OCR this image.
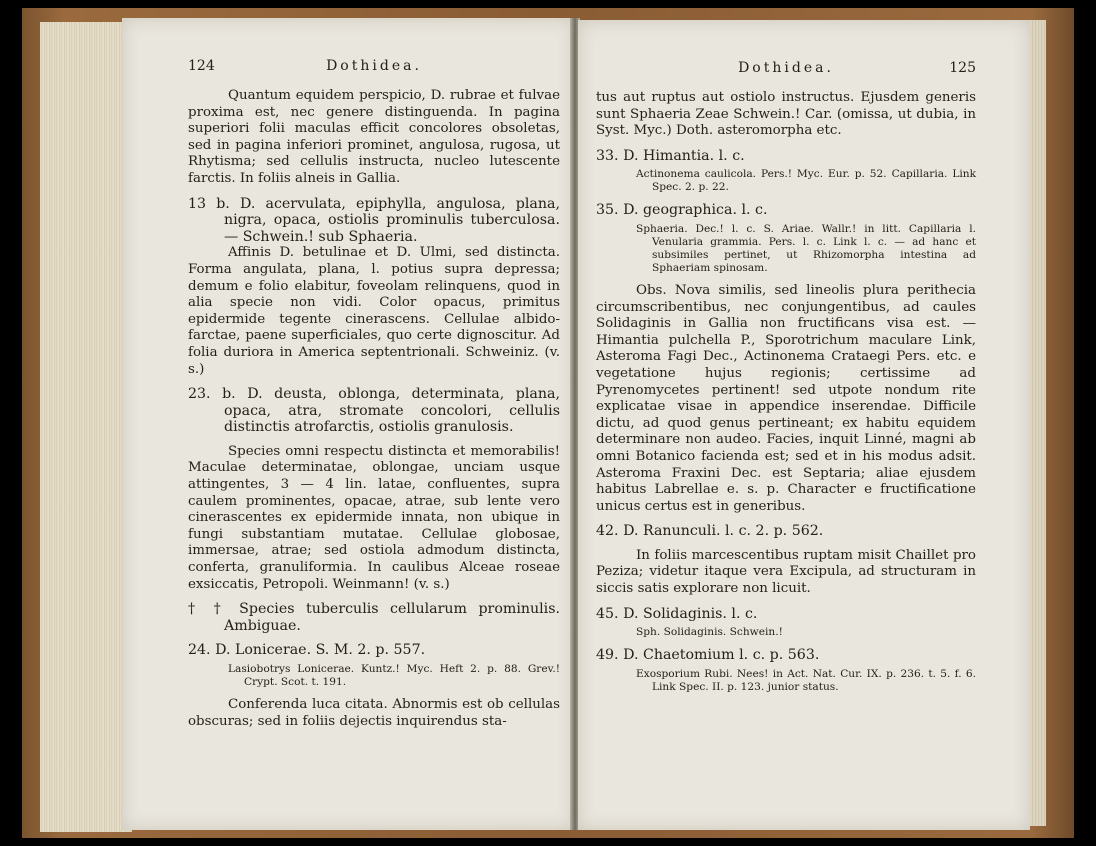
124	Dothidea.

Quantum equidem perspicio, D. rubrae et fulvae proxima est, nec genere distinguenda. In pagina superiori folii maculas efficit concolores obsoletas, sed in pagina inferiori prominet, angulosa, rugosa, ut Rhytisma; sed cellulis instructa, nucleo lutescente farctis. In foliis alneis in Gallia.

13 b. D. acervulata, epiphylla, angulosa, plana, nigra, opaca, ostiolis prominulis tuberculosa. — Schwein.! sub Sphaeria.

Affinis D. betulinae et D. Ulmi, sed distincta. Forma angulata, plana, l. potius supra depressa; demum e folio elabitur, foveolam relinquens, quod in alia specie non vidi. Color opacus, primitus epidermide tegente cinerascens. Cellulae albido-farctae, paene superficiales, quo certe dignoscitur. Ad folia duriora in America septentrionali. Schweiniz. (v. s.)

23. b. D. deusta, oblonga, determinata, plana, opaca, atra, stromate concolori, cellulis distinctis atrofarctis, ostiolis granulosis.

Species omni respectu distincta et memorabilis! Maculae determinatae, oblongae, unciam usque attingentes, 3 — 4 lin. latae, confluentes, supra caulem prominentes, opacae, atrae, sub lente vero cinerascentes ex epidermide innata, non ubique in fungi substantiam mutatae. Cellulae globosae, immersae, atrae; sed ostiola admodum distincta, conferta, granuliformia. In caulibus Alceae roseae exsiccatis, Petropoli. Weinmann! (v. s.)

† † Species tuberculis cellularum prominulis. Ambiguae.

24. D. Lonicerae. S. M. 2. p. 557.

Lasiobotrys Lonicerae. Kuntz.! Myc. Heft 2. p. 88. Grev.! Crypt. Scot. t. 191.

Conferenda luca citata. Abnormis est ob cellulas obscuras; sed in foliis dejectis inquirendus sta-

Dothidea.	125

tus aut ruptus aut ostiolo instructus. Ejusdem generis sunt Sphaeria Zeae Schwein.! Car. (omissa, ut dubia, in Syst. Myc.) Doth. asteromorpha etc.

33. D. Himantia. l. c.

Actinonema caulicola. Pers.! Myc. Eur. p. 52. Capillaria. Link Spec. 2. p. 22.

35. D. geographica. l. c.

Sphaeria. Dec.! l. c. S. Ariae. Wallr.! in litt. Capillaria l. Venularia grammia. Pers. l. c. Link l. c. — ad hanc et subsimiles pertinet, ut Rhizomorpha intestina ad Sphaeriam spinosam.

Obs. Nova similis, sed lineolis plura perithecia circumscribentibus, nec conjungentibus, ad caules Solidaginis in Gallia non fructificans visa est. — Himantia pulchella P., Sporotrichum maculare Link, Asteroma Fagi Dec., Actinonema Crataegi Pers. etc. e vegetatione hujus regionis; certissime ad Pyrenomycetes pertinent! sed utpote nondum rite explicatae visae in appendice inserendae. Difficile dictu, ad quod genus pertineant; ex habitu equidem determinare non audeo. Facies, inquit Linné, magni ab omni Botanico facienda est; sed et in his modus adsit. Asteroma Fraxini Dec. est Septaria; aliae ejusdem habitus Labrellae e. s. p. Character e fructificatione unicus certus est in generibus.

42. D. Ranunculi. l. c. 2. p. 562.

In foliis marcescentibus ruptam misit Chaillet pro Peziza; videtur itaque vera Excipula, ad structuram in siccis satis explorare non licuit.

45. D. Solidaginis. l. c.

Sph. Solidaginis. Schwein.!

49. D. Chaetomium l. c. p. 563.

Exosporium Rubi. Nees! in Act. Nat. Cur. IX. p. 236. t. 5. f. 6. Link Spec. II. p. 123. junior status.
